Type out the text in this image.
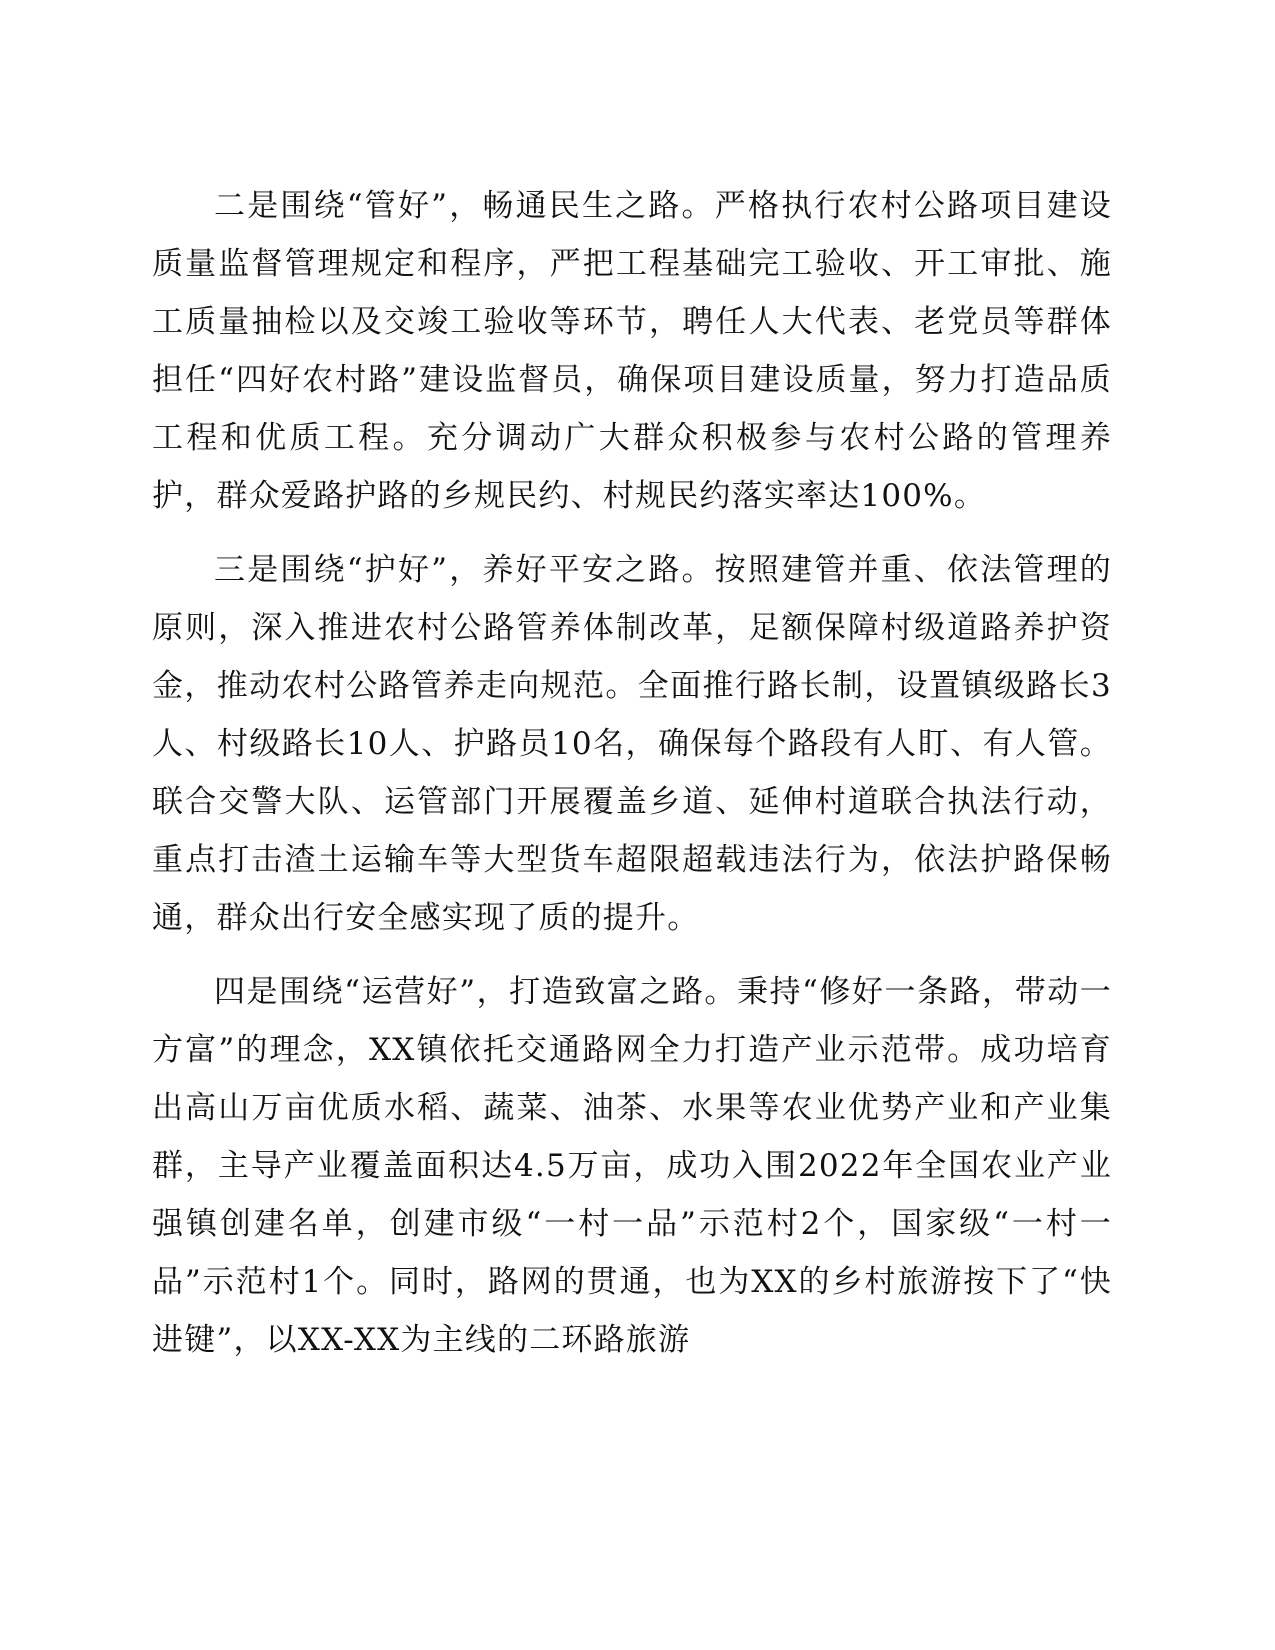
二是围绕“管好”，畅通民生之路。严格执行农村公路项目建设质量监督管理规定和程序，严把工程基础完工验收、开工审批、施工质量抽检以及交竣工验收等环节，聘任人大代表、老党员等群体担任“四好农村路”建设监督员，确保项目建设质量，努力打造品质工程和优质工程。充分调动广大群众积极参与农村公路的管理养护，群众爱路护路的乡规民约、村规民约落实率达100%。

三是围绕“护好”，养好平安之路。按照建管并重、依法管理的原则，深入推进农村公路管养体制改革，足额保障村级道路养护资金，推动农村公路管养走向规范。全面推行路长制，设置镇级路长3人、村级路长10人、护路员10名，确保每个路段有人盯、有人管。联合交警大队、运管部门开展覆盖乡道、延伸村道联合执法行动，重点打击渣土运输车等大型货车超限超载违法行为，依法护路保畅通，群众出行安全感实现了质的提升。

四是围绕“运营好”，打造致富之路。秉持“修好一条路，带动一方富”的理念，XX镇依托交通路网全力打造产业示范带。成功培育出高山万亩优质水稻、蔬菜、油茶、水果等农业优势产业和产业集群，主导产业覆盖面积达4.5万亩，成功入围2022年全国农业产业强镇创建名单，创建市级“一村一品”示范村2个，国家级“一村一品”示范村1个。同时，路网的贯通，也为XX的乡村旅游按下了“快进键”，以XX-XX为主线的二环路旅游
